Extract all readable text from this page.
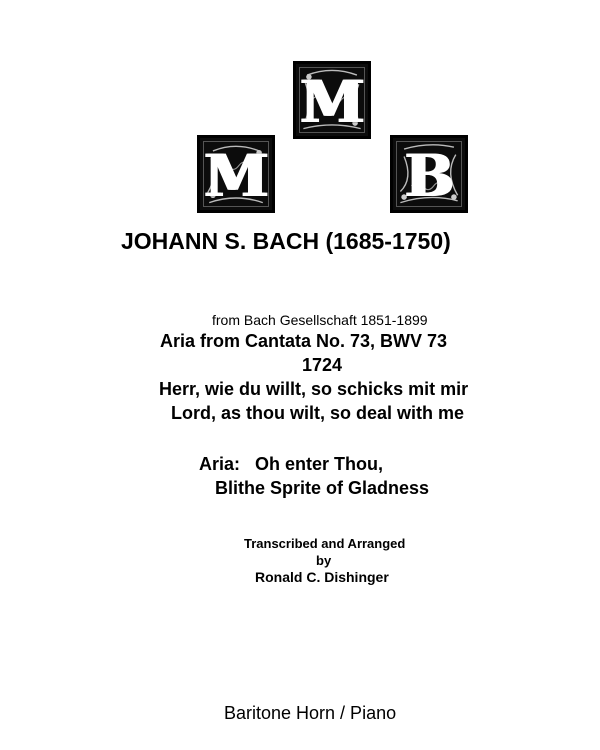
M
M
B
JOHANN S. BACH (1685-1750)
from Bach Gesellschaft 1851-1899
Aria from Cantata No. 73, BWV 73
1724
Herr, wie du willt, so schicks mit mir
Lord, as thou wilt, so deal with me
Aria:   Oh enter Thou,
Blithe Sprite of Gladness
Transcribed and Arranged
by
Ronald C. Dishinger
Baritone Horn / Piano
